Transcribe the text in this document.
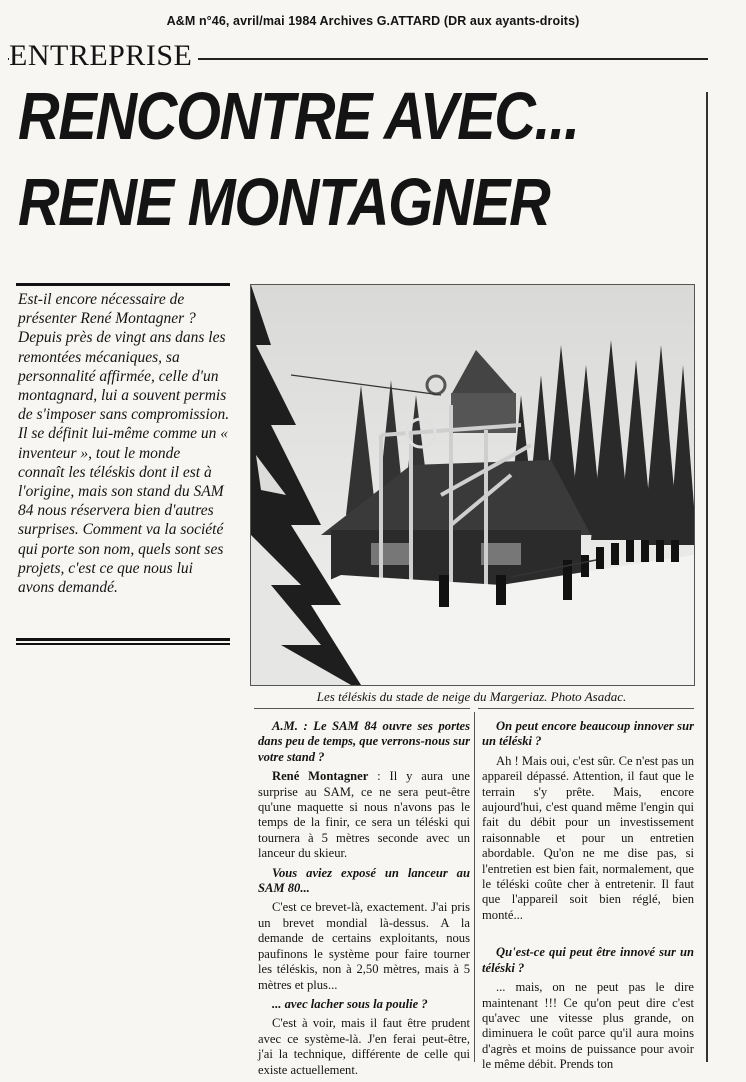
A&M n°46, avril/mai 1984 Archives G.ATTARD (DR aux ayants-droits)
ENTREPRISE
RENCONTRE AVEC...
RENE MONTAGNER

Est-il encore nécessaire de présenter René Montagner ? Depuis près de vingt ans dans les remontées mécaniques, sa personnalité affirmée, celle d'un montagnard, lui a souvent permis de s'imposer sans compromission. Il se définit lui-même comme un « inventeur », tout le monde connaît les téléskis dont il est à l'origine, mais son stand du SAM 84 nous réservera bien d'autres surprises. Comment va la société qui porte son nom, quels sont ses projets, c'est ce que nous lui avons demandé.

Les téléskis du stade de neige du Margeriaz. Photo Asadac.

A.M. : Le SAM 84 ouvre ses portes dans peu de temps, que verrons-nous sur votre stand ?

René Montagner : Il y aura une surprise au SAM, ce ne sera peut-être qu'une maquette si nous n'avons pas le temps de la finir, ce sera un téléski qui tournera à 5 mètres seconde avec un lanceur du skieur.

Vous aviez exposé un lanceur au SAM 80...

C'est ce brevet-là, exactement. J'ai pris un brevet mondial là-dessus. A la demande de certains exploitants, nous paufinons le système pour faire tourner les téléskis, non à 2,50 mètres, mais à 5 mètres et plus...

... avec lacher sous la poulie ?

C'est à voir, mais il faut être prudent avec ce système-là. J'en ferai peut-être, j'ai la technique, différente de celle qui existe actuellement.

On peut encore beaucoup innover sur un téléski ?

Ah ! Mais oui, c'est sûr. Ce n'est pas un appareil dépassé. Attention, il faut que le terrain s'y prête. Mais, encore aujourd'hui, c'est quand même l'engin qui fait du débit pour un investissement raisonnable et pour un entretien abordable. Qu'on ne me dise pas, si l'entretien est bien fait, normalement, que le téléski coûte cher à entretenir. Il faut que l'appareil soit bien réglé, bien monté...

Qu'est-ce qui peut être innové sur un téléski ?

... mais, on ne peut pas le dire maintenant !!! Ce qu'on peut dire c'est qu'avec une vitesse plus grande, on diminuera le coût parce qu'il aura moins d'agrès et moins de puissance pour avoir le même débit. Prends ton
